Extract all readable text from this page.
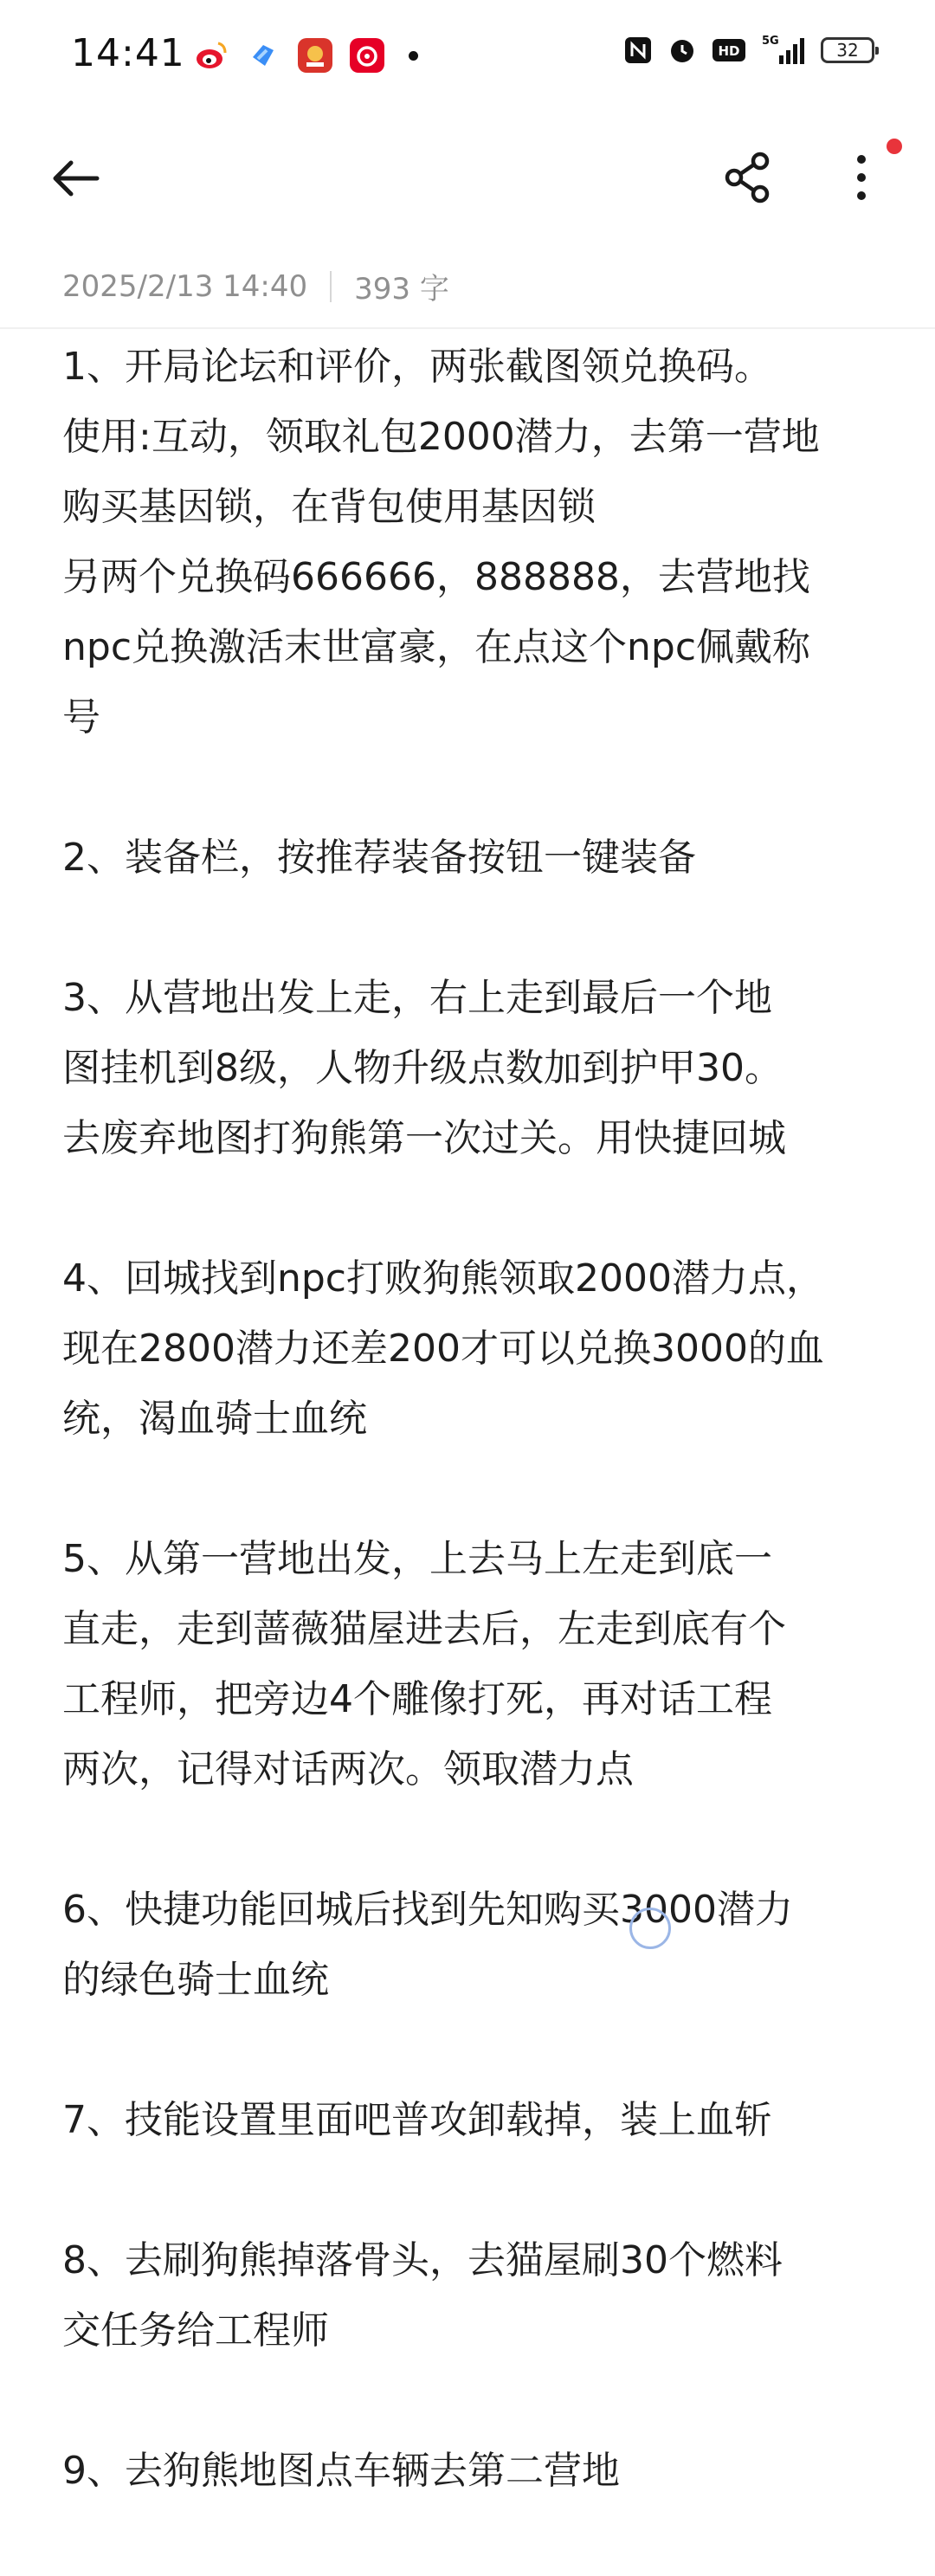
14:41	HD
5G	32
2025/2/13 14:40 393 字
1、开局论坛和评价，两张截图领兑换码。
使用:互动，领取礼包2000潜力，去第一营地
购买基因锁，在背包使用基因锁
另两个兑换码666666，888888，去营地找
npc兑换激活末世富豪，在点这个npc佩戴称
号
2、装备栏，按推荐装备按钮一键装备
3、从营地出发上走，右上走到最后一个地
图挂机到8级，人物升级点数加到护甲30。
去废弃地图打狗熊第一次过关。用快捷回城
4、回城找到npc打败狗熊领取2000潜力点，
现在2800潜力还差200才可以兑换3000的血
统，渴血骑士血统
5、从第一营地出发，上去马上左走到底一
直走，走到蔷薇猫屋进去后，左走到底有个
工程师，把旁边4个雕像打死，再对话工程
两次，记得对话两次。领取潜力点
6、快捷功能回城后找到先知购买3000潜力
的绿色骑士血统
7、技能设置里面吧普攻卸载掉，装上血斩
8、去刷狗熊掉落骨头，去猫屋刷30个燃料
交任务给工程师
9、去狗熊地图点车辆去第二营地
